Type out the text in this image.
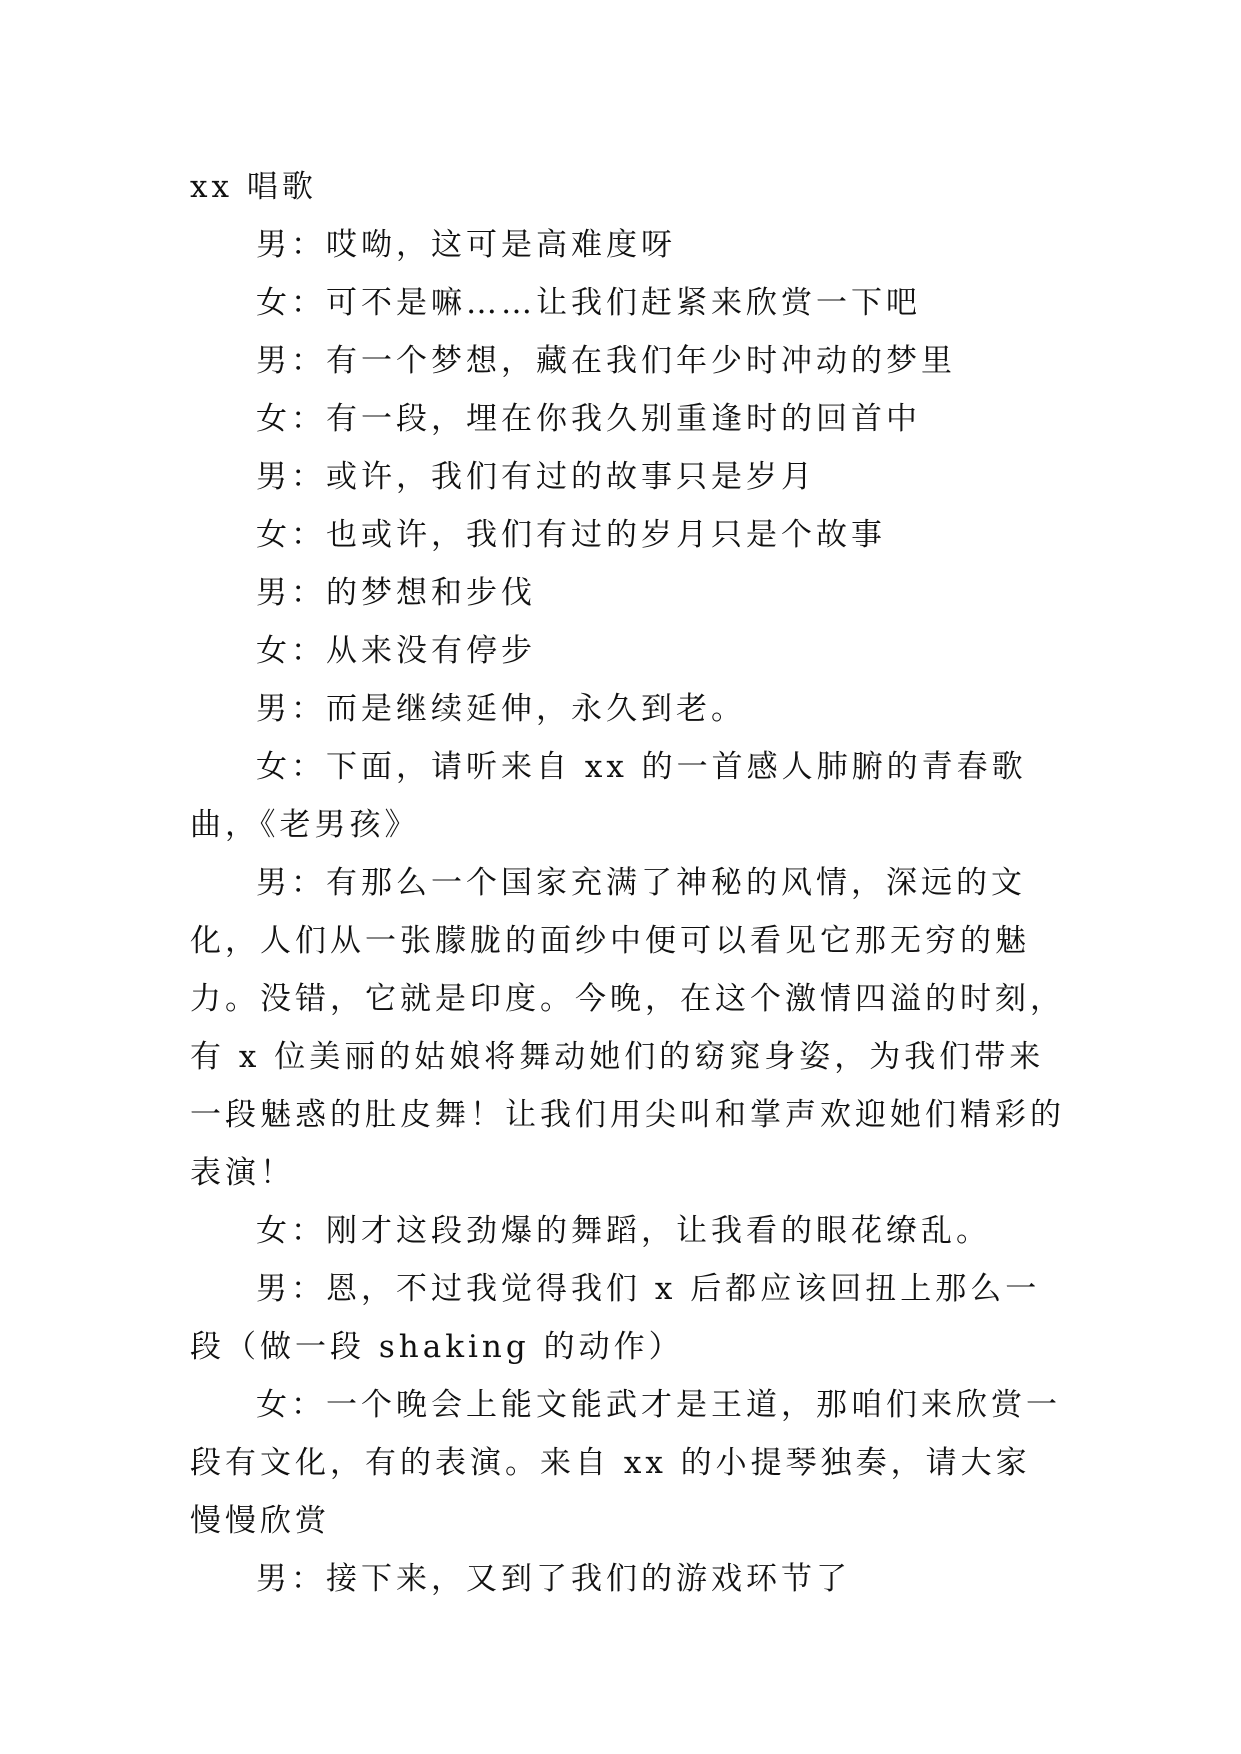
xx 唱歌

男：哎呦，这可是高难度呀

女：可不是嘛……让我们赶紧来欣赏一下吧

男：有一个梦想，藏在我们年少时冲动的梦里

女：有一段，埋在你我久别重逢时的回首中

男：或许，我们有过的故事只是岁月

女：也或许，我们有过的岁月只是个故事

男：的梦想和步伐

女：从来没有停步

男：而是继续延伸，永久到老。

女：下面，请听来自 xx 的一首感人肺腑的青春歌曲，《老男孩》

男：有那么一个国家充满了神秘的风情，深远的文化，人们从一张朦胧的面纱中便可以看见它那无穷的魅力。没错，它就是印度。今晚，在这个激情四溢的时刻，有 x 位美丽的姑娘将舞动她们的窈窕身姿，为我们带来一段魅惑的肚皮舞！让我们用尖叫和掌声欢迎她们精彩的表演！

女：刚才这段劲爆的舞蹈，让我看的眼花缭乱。

男：恩，不过我觉得我们 x 后都应该回扭上那么一段（做一段 shaking 的动作）

女：一个晚会上能文能武才是王道，那咱们来欣赏一段有文化，有的表演。来自 xx 的小提琴独奏，请大家慢慢欣赏

男：接下来，又到了我们的游戏环节了
